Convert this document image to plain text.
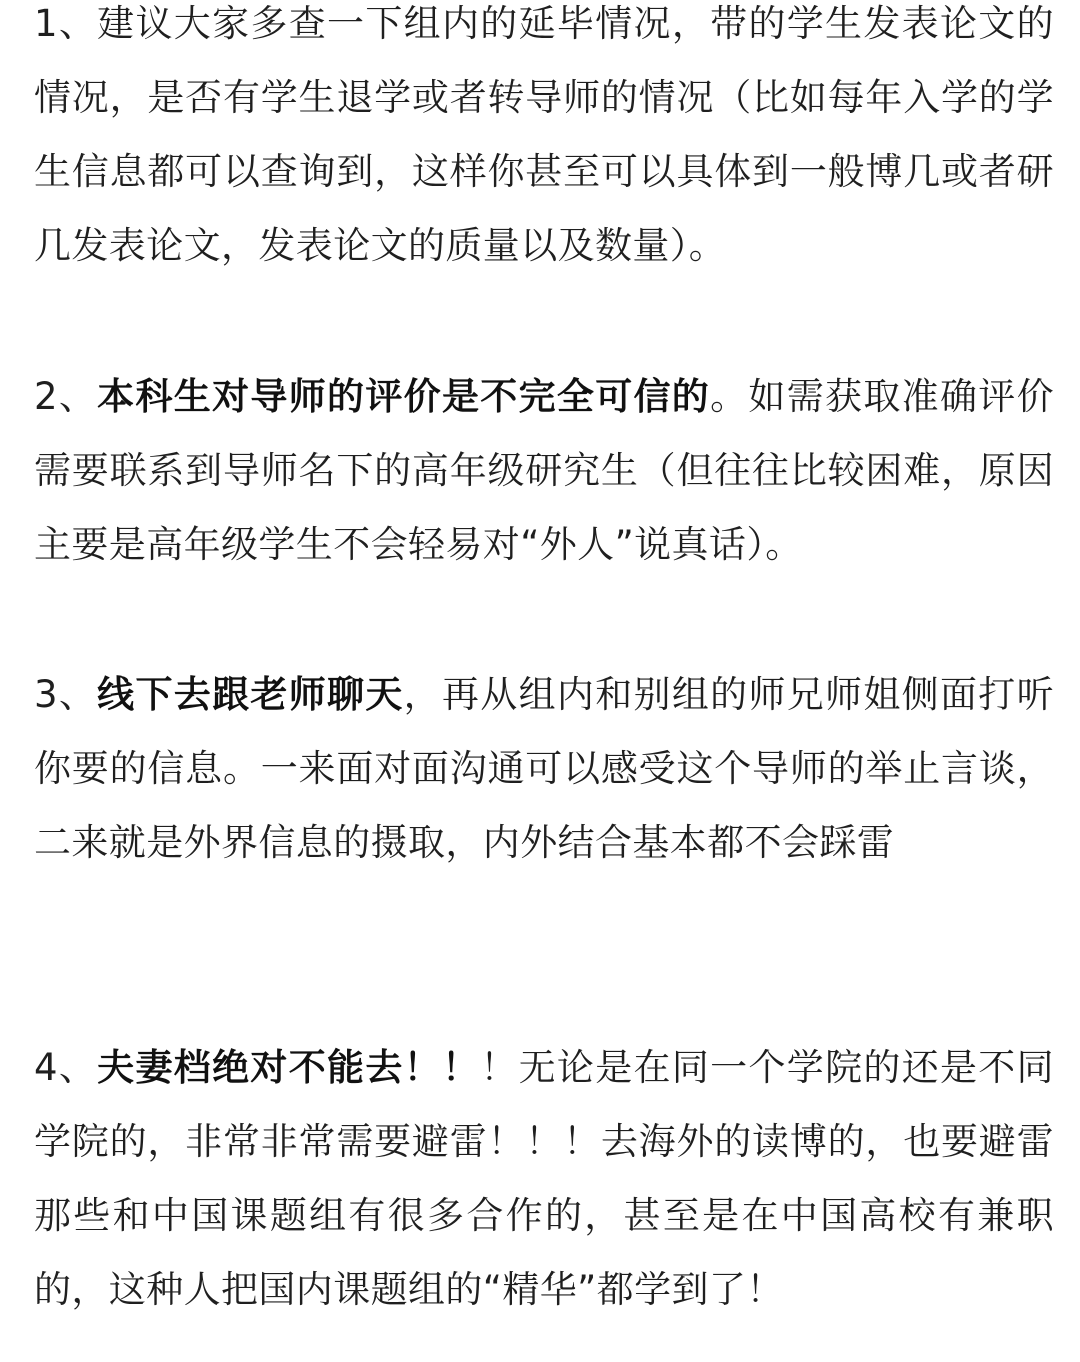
1、建议大家多查一下组内的延毕情况，带的学生发表论文的情况，是否有学生退学或者转导师的情况（比如每年入学的学生信息都可以查询到，这样你甚至可以具体到一般博几或者研几发表论文，发表论文的质量以及数量）。

2、本科生对导师的评价是不完全可信的。如需获取准确评价需要联系到导师名下的高年级研究生（但往往比较困难，原因主要是高年级学生不会轻易对“外人”说真话）。

3、线下去跟老师聊天，再从组内和别组的师兄师姐侧面打听你要的信息。一来面对面沟通可以感受这个导师的举止言谈，二来就是外界信息的摄取，内外结合基本都不会踩雷

4、夫妻档绝对不能去！！！无论是在同一个学院的还是不同学院的，非常非常需要避雷！！！去海外的读博的，也要避雷那些和中国课题组有很多合作的，甚至是在中国高校有兼职的，这种人把国内课题组的“精华”都学到了！
